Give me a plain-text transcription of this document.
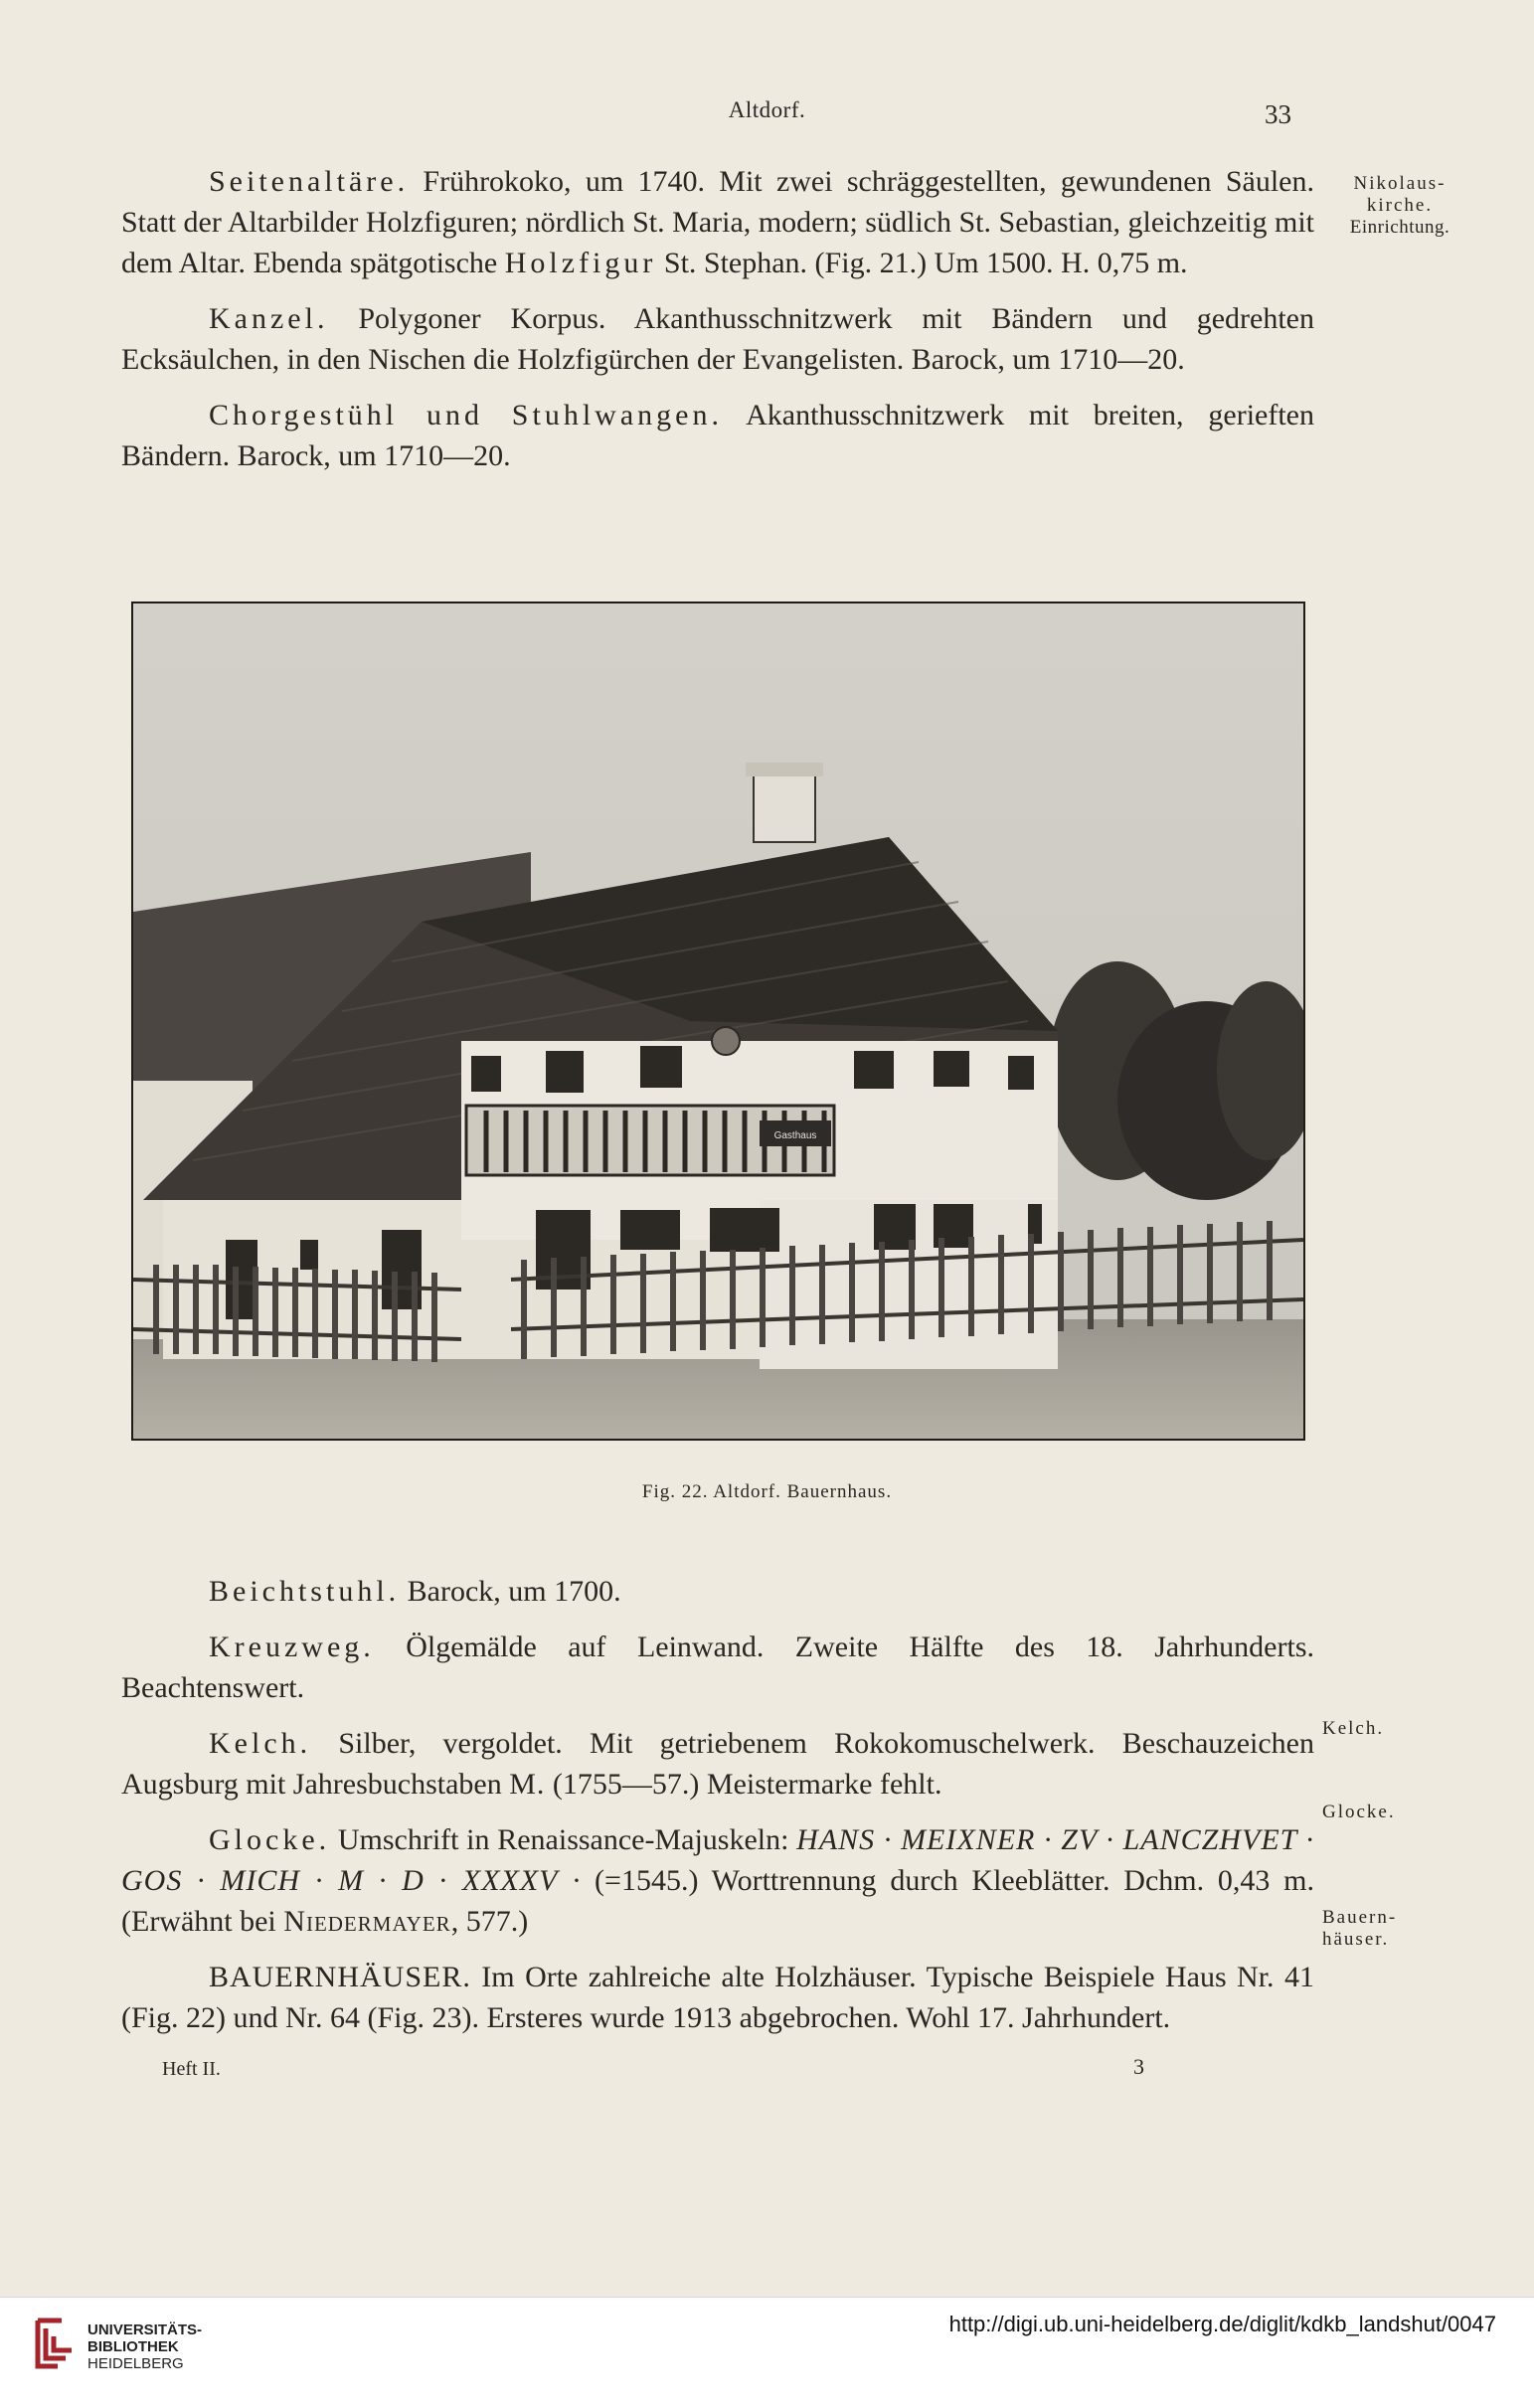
Altdorf.	33

Seitenaltäre. Frührokoko, um 1740. Mit zwei schräggestellten, gewundenen Säulen. Statt der Altarbilder Holzfiguren; nördlich St. Maria, modern; südlich St. Sebastian, gleichzeitig mit dem Altar. Ebenda spätgotische Holzfigur St. Stephan. (Fig. 21.) Um 1500. H. 0,75 m.

Kanzel. Polygoner Korpus. Akanthusschnitzwerk mit Bändern und gedrehten Ecksäulchen, in den Nischen die Holzfigürchen der Evangelisten. Barock, um 1710—20.

Chorgestühl und Stuhlwangen. Akanthusschnitzwerk mit breiten, gerieften Bändern. Barock, um 1710—20.

Nikolaus-
kirche.
Einrichtung.
Kelch.
Glocke.
Bauern-
häuser.
Gasthaus
Fig. 22. Altdorf. Bauernhaus.

Beichtstuhl. Barock, um 1700.

Kreuzweg. Ölgemälde auf Leinwand. Zweite Hälfte des 18. Jahrhunderts. Beachtenswert.

Kelch. Silber, vergoldet. Mit getriebenem Rokokomuschelwerk. Beschauzeichen Augsburg mit Jahresbuchstaben M. (1755—57.) Meistermarke fehlt.

Glocke. Umschrift in Renaissance-Majuskeln: HANS · MEIXNER · ZV · LANCZHVET · GOS · MICH · M · D · XXXXV · (=1545.) Worttrennung durch Kleeblätter. Dchm. 0,43 m. (Erwähnt bei Niedermayer, 577.)

BAUERNHÄUSER. Im Orte zahlreiche alte Holzhäuser. Typische Beispiele Haus Nr. 41 (Fig. 22) und Nr. 64 (Fig. 23). Ersteres wurde 1913 abgebrochen. Wohl 17. Jahrhundert.

Heft II.	3
UNIVERSITÄTS-
BIBLIOTHEK
HEIDELBERG
http://digi.ub.uni-heidelberg.de/diglit/kdkb_landshut/0047
